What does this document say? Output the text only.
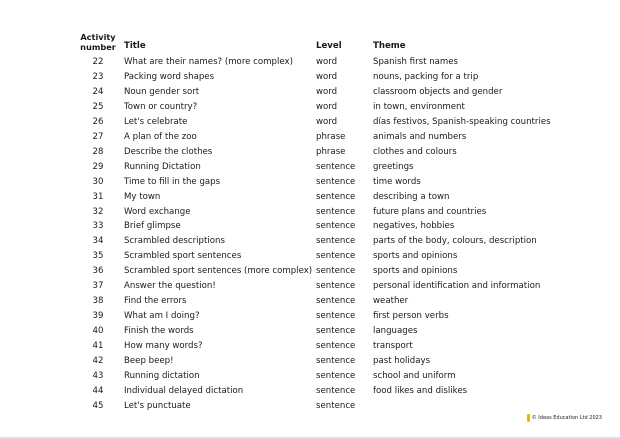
Activity number	Title	Level	Theme
22	What are their names? (more complex)	word	Spanish first names
23	Packing word shapes	word	nouns, packing for a trip
24	Noun gender sort	word	classroom objects and gender
25	Town or country?	word	in town, environment
26	Let's celebrate	word	días festivos, Spanish-speaking countries
27	A plan of the zoo	phrase	animals and numbers
28	Describe the clothes	phrase	clothes and colours
29	Running Dictation	sentence	greetings
30	Time to fill in the gaps	sentence	time words
31	My town	sentence	describing a town
32	Word exchange	sentence	future plans and countries
33	Brief glimpse	sentence	negatives, hobbies
34	Scrambled descriptions	sentence	parts of the body, colours, description
35	Scrambled sport sentences	sentence	sports and opinions
36	Scrambled sport sentences (more complex)	sentence	sports and opinions
37	Answer the question!	sentence	personal identification and information
38	Find the errors	sentence	weather
39	What am I doing?	sentence	first person verbs
40	Finish the words	sentence	languages
41	How many words?	sentence	transport
42	Beep beep!	sentence	past holidays
43	Running dictation	sentence	school and uniform
44	Individual delayed dictation	sentence	food likes and dislikes
45	Let's punctuate	sentence	
© Ideas Education Ltd 2023
